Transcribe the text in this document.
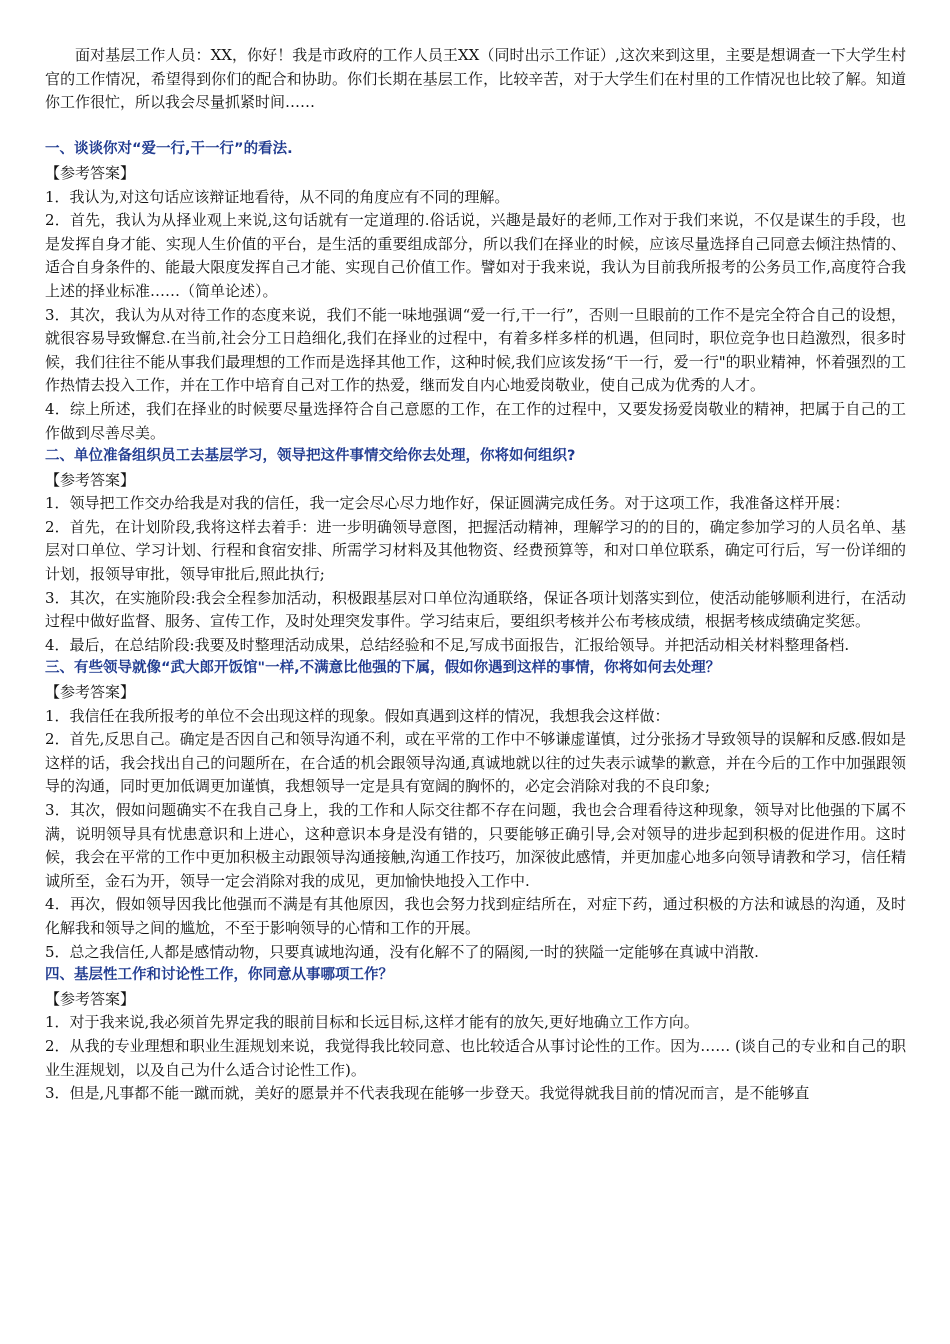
面对基层工作人员：XX，你好！我是市政府的工作人员王XX（同时出示工作证）,这次来到这里，主要是想调查一下大学生村官的工作情况，希望得到你们的配合和协助。你们长期在基层工作，比较辛苦，对于大学生们在村里的工作情况也比较了解。知道你工作很忙，所以我会尽量抓紧时间……

一、谈谈你对“爱一行,干一行”的看法.

【参考答案】

1．我认为,对这句话应该辩证地看待，从不同的角度应有不同的理解。

2．首先，我认为从择业观上来说,这句话就有一定道理的.俗话说，兴趣是最好的老师,工作对于我们来说，不仅是谋生的手段，也是发挥自身才能、实现人生价值的平台，是生活的重要组成部分，所以我们在择业的时候，应该尽量选择自己同意去倾注热情的、适合自身条件的、能最大限度发挥自己才能、实现自己价值工作。譬如对于我来说，我认为目前我所报考的公务员工作,高度符合我上述的择业标准……（简单论述）。

3．其次，我认为从对待工作的态度来说，我们不能一味地强调“爱一行,干一行”，否则一旦眼前的工作不是完全符合自己的设想，就很容易导致懈怠.在当前,社会分工日趋细化,我们在择业的过程中，有着多样多样的机遇，但同时，职位竞争也日趋激烈，很多时候，我们往往不能从事我们最理想的工作而是选择其他工作，这种时候,我们应该发扬“干一行，爱一行"的职业精神，怀着强烈的工作热情去投入工作，并在工作中培育自己对工作的热爱，继而发自内心地爱岗敬业，使自己成为优秀的人才。

4．综上所述，我们在择业的时候要尽量选择符合自己意愿的工作，在工作的过程中，又要发扬爱岗敬业的精神，把属于自己的工作做到尽善尽美。

二、单位准备组织员工去基层学习，领导把这件事情交给你去处理，你将如何组织?

【参考答案】

1．领导把工作交办给我是对我的信任，我一定会尽心尽力地作好，保证圆满完成任务。对于这项工作，我准备这样开展：

2．首先，在计划阶段,我将这样去着手：进一步明确领导意图，把握活动精神，理解学习的的目的，确定参加学习的人员名单、基层对口单位、学习计划、行程和食宿安排、所需学习材料及其他物资、经费预算等，和对口单位联系，确定可行后，写一份详细的计划，报领导审批，领导审批后,照此执行;

3．其次，在实施阶段:我会全程参加活动，积极跟基层对口单位沟通联络，保证各项计划落实到位，使活动能够顺利进行，在活动过程中做好监督、服务、宣传工作，及时处理突发事件。学习结束后，要组织考核并公布考核成绩，根据考核成绩确定奖惩。

4．最后，在总结阶段:我要及时整理活动成果，总结经验和不足,写成书面报告，汇报给领导。并把活动相关材料整理备档.

三、有些领导就像“武大郎开饭馆"一样,不满意比他强的下属，假如你遇到这样的事情，你将如何去处理？

【参考答案】

1．我信任在我所报考的单位不会出现这样的现象。假如真遇到这样的情况，我想我会这样做：

2．首先,反思自己。确定是否因自己和领导沟通不利，或在平常的工作中不够谦虚谨慎，过分张扬才导致领导的误解和反感.假如是这样的话，我会找出自己的问题所在，在合适的机会跟领导沟通,真诚地就以往的过失表示诚挚的歉意，并在今后的工作中加强跟领导的沟通，同时更加低调更加谨慎，我想领导一定是具有宽阔的胸怀的，必定会消除对我的不良印象;

3．其次，假如问题确实不在我自己身上，我的工作和人际交往都不存在问题，我也会合理看待这种现象，领导对比他强的下属不满，说明领导具有忧患意识和上进心，这种意识本身是没有错的，只要能够正确引导,会对领导的进步起到积极的促进作用。这时候，我会在平常的工作中更加积极主动跟领导沟通接触,沟通工作技巧，加深彼此感情，并更加虚心地多向领导请教和学习，信任精诚所至，金石为开，领导一定会消除对我的成见，更加愉快地投入工作中.

4．再次，假如领导因我比他强而不满是有其他原因，我也会努力找到症结所在，对症下药，通过积极的方法和诚恳的沟通，及时化解我和领导之间的尴尬，不至于影响领导的心情和工作的开展。

5．总之我信任,人都是感情动物，只要真诚地沟通，没有化解不了的隔阂,一时的狭隘一定能够在真诚中消散.

四、基层性工作和讨论性工作，你同意从事哪项工作？

【参考答案】

1．对于我来说,我必须首先界定我的眼前目标和长远目标,这样才能有的放矢,更好地确立工作方向。

2．从我的专业理想和职业生涯规划来说，我觉得我比较同意、也比较适合从事讨论性的工作。因为…… (谈自己的专业和自己的职业生涯规划，以及自己为什么适合讨论性工作)。

3．但是,凡事都不能一蹴而就，美好的愿景并不代表我现在能够一步登天。我觉得就我目前的情况而言，是不能够直
